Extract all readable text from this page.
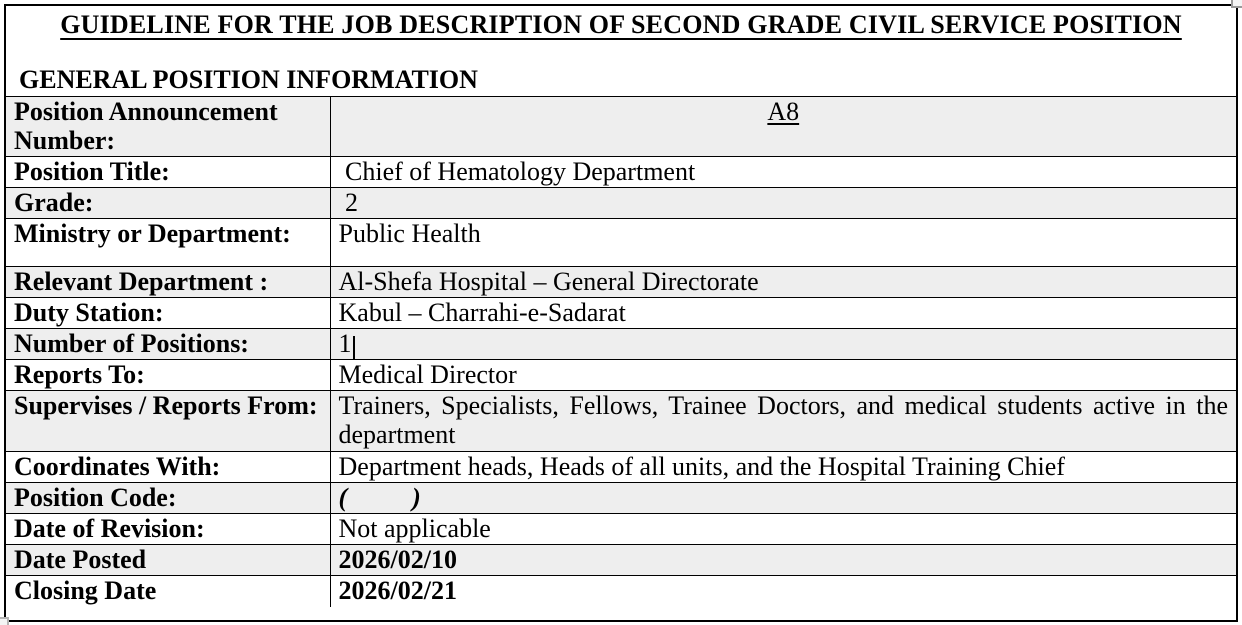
GUIDELINE FOR THE JOB DESCRIPTION OF SECOND GRADE CIVIL SERVICE POSITION
GENERAL POSITION INFORMATION
Position Announcement Number:	A8
Position Title:	Chief of Hematology Department
Grade:	2
Ministry or Department:	Public Health
Relevant Department :	Al-Shefa Hospital – General Directorate
Duty Station:	Kabul – Charrahi-e-Sadarat
Number of Positions:	1
Reports To:	Medical Director
Supervises / Reports From:	Trainers, Specialists, Fellows, Trainee Doctors, and medical students active in the department
Coordinates With:	Department heads, Heads of all units, and the Hospital Training Chief
Position Code:	(          )
Date of Revision:	Not applicable
Date Posted	2026/02/10
Closing Date	2026/02/21
